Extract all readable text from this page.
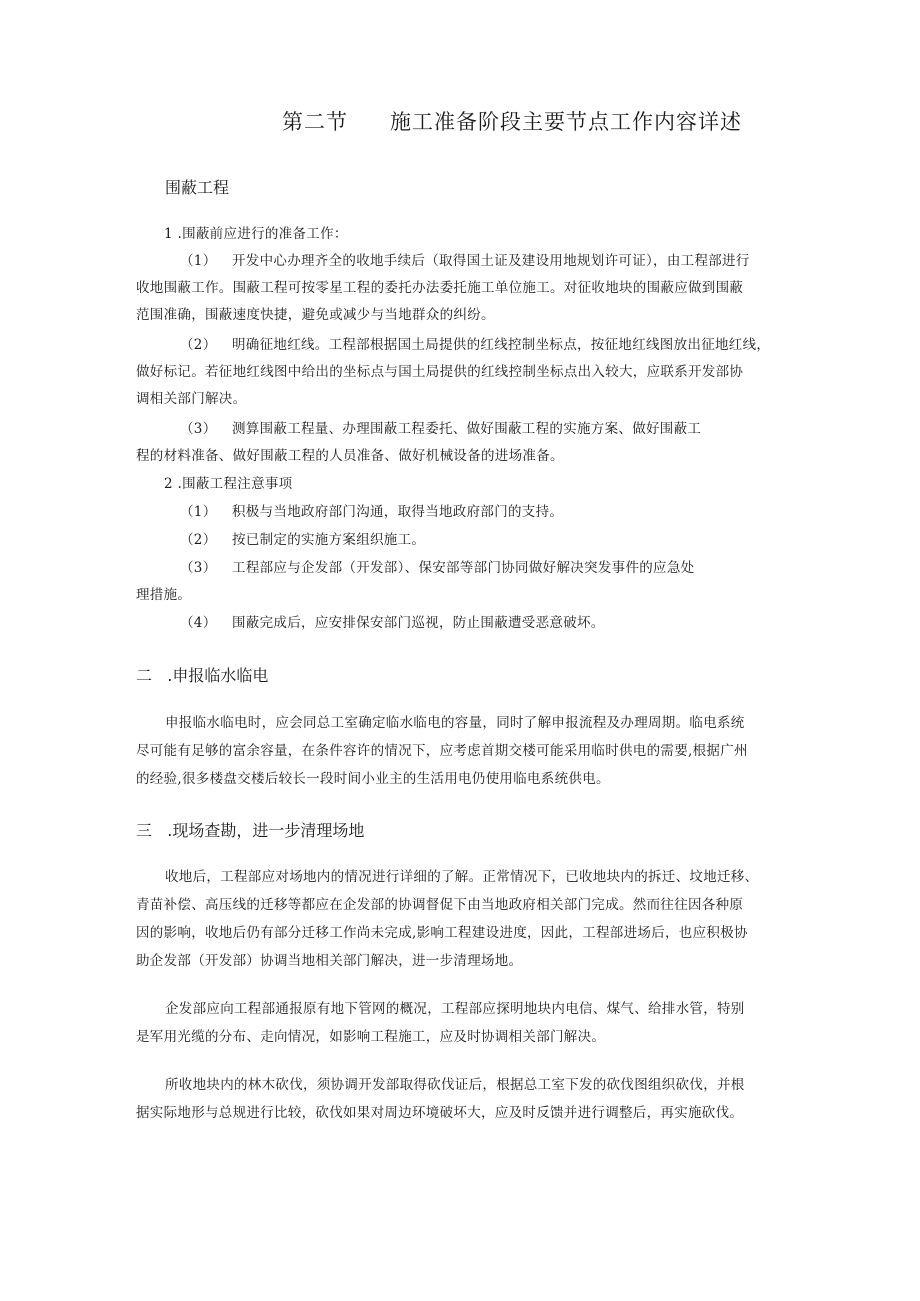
第二节 施工准备阶段主要节点工作内容详述
围蔽工程
1 .围蔽前应进行的准备工作：
（1） 开发中心办理齐全的收地手续后（取得国土证及建设用地规划许可证），由工程部进行
收地围蔽工作。围蔽工程可按零星工程的委托办法委托施工单位施工。对征收地块的围蔽应做到围蔽
范围准确，围蔽速度快捷，避免或减少与当地群众的纠纷。
（2） 明确征地红线。工程部根据国土局提供的红线控制坐标点，按征地红线图放出征地红线，
做好标记。若征地红线图中给出的坐标点与国土局提供的红线控制坐标点出入较大，应联系开发部协
调相关部门解决。
（3） 测算围蔽工程量、办理围蔽工程委托、做好围蔽工程的实施方案、做好围蔽工
程的材料准备、做好围蔽工程的人员准备、做好机械设备的进场准备。
2 .围蔽工程注意事项
（1） 积极与当地政府部门沟通，取得当地政府部门的支持。
（2） 按已制定的实施方案组织施工。
（3） 工程部应与企发部（开发部）、保安部等部门协同做好解决突发事件的应急处
理措施。
（4） 围蔽完成后，应安排保安部门巡视，防止围蔽遭受恶意破坏。
二   .申报临水临电
申报临水临电时，应会同总工室确定临水临电的容量，同时了解申报流程及办理周期。临电系统
尽可能有足够的富余容量，在条件容许的情况下，应考虑首期交楼可能采用临时供电的需要,根据广州
的经验,很多楼盘交楼后较长一段时间小业主的生活用电仍使用临电系统供电。
三   .现场查勘，进一步清理场地
收地后，工程部应对场地内的情况进行详细的了解。正常情况下，已收地块内的拆迁、坟地迁移、
青苗补偿、高压线的迁移等都应在企发部的协调督促下由当地政府相关部门完成。然而往往因各种原
因的影响，收地后仍有部分迁移工作尚未完成,影响工程建设进度，因此，工程部进场后，也应积极协
助企发部（开发部）协调当地相关部门解决，进一步清理场地。
企发部应向工程部通报原有地下管网的概况，工程部应探明地块内电信、煤气、给排水管，特别
是军用光缆的分布、走向情况，如影响工程施工，应及时协调相关部门解决。
所收地块内的林木砍伐，须协调开发部取得砍伐证后，根据总工室下发的砍伐图组织砍伐，并根
据实际地形与总规进行比较，砍伐如果对周边环境破坏大，应及时反馈并进行调整后，再实施砍伐。
